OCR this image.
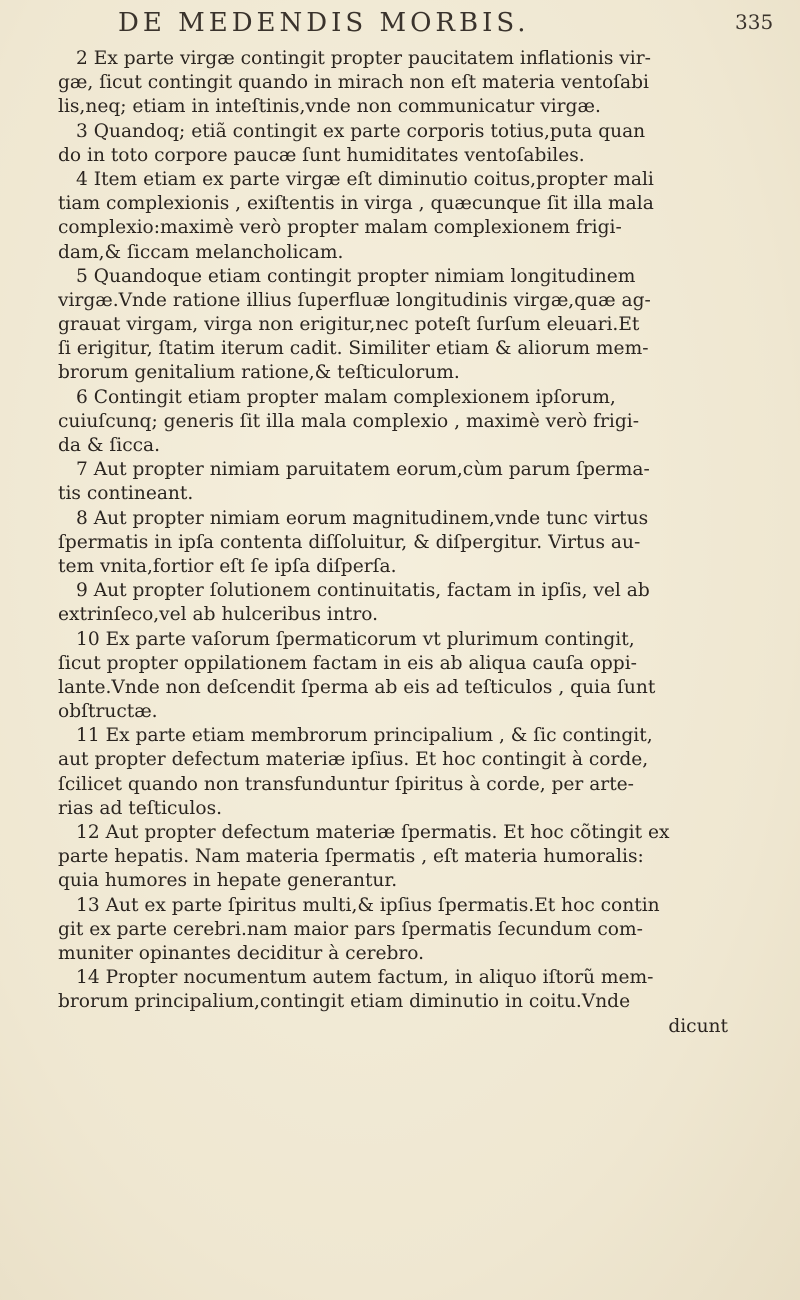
DE MEDENDIS MORBIS.	335
2 Ex parte virgæ contingit propter paucitatem inflationis vir-
gæ, ſicut contingit quando in mirach non eſt materia ventoſabi
lis,neq; etiam in inteſtinis,vnde non communicatur virgæ.
3 Quandoq; etiã contingit ex parte corporis totius,puta quan
do in toto corpore paucæ ſunt humiditates ventoſabiles.
4 Item etiam ex parte virgæ eſt diminutio coitus,propter mali
tiam complexionis , exiſtentis in virga , quæcunque ſit illa mala
complexio:maximè verò propter malam complexionem frigi-
dam,& ſiccam melancholicam.
5 Quandoque etiam contingit propter nimiam longitudinem
virgæ.Vnde ratione illius ſuperfluæ longitudinis virgæ,quæ ag-
grauat virgam, virga non erigitur,nec poteſt ſurſum eleuari.Et
ſi erigitur, ſtatim iterum cadit. Similiter etiam & aliorum mem-
brorum genitalium ratione,& teſticulorum.
6 Contingit etiam propter malam complexionem ipſorum,
cuiuſcunq; generis ſit illa mala complexio , maximè verò frigi-
da & ſicca.
7 Aut propter nimiam paruitatem eorum,cùm parum ſperma-
tis contineant.
8 Aut propter nimiam eorum magnitudinem,vnde tunc virtus
ſpermatis in ipſa contenta diſſoluitur, & diſpergitur. Virtus au-
tem vnita,fortior eſt ſe ipſa diſperſa.
9 Aut propter ſolutionem continuitatis, factam in ipſis, vel ab
extrinſeco,vel ab hulceribus intro.
10 Ex parte vaſorum ſpermaticorum vt plurimum contingit,
ſicut propter oppilationem factam in eis ab aliqua cauſa oppi-
lante.Vnde non deſcendit ſperma ab eis ad teſticulos , quia ſunt
obſtructæ.
11 Ex parte etiam membrorum principalium , & ſic contingit,
aut propter defectum materiæ ipſius. Et hoc contingit à corde,
ſcilicet quando non transfunduntur ſpiritus à corde, per arte-
rias ad teſticulos.
12 Aut propter defectum materiæ ſpermatis. Et hoc cõtingit ex
parte hepatis. Nam materia ſpermatis , eſt materia humoralis:
quia humores in hepate generantur.
13 Aut ex parte ſpiritus multi,& ipſius ſpermatis.Et hoc contin
git ex parte cerebri.nam maior pars ſpermatis ſecundum com-
muniter opinantes deciditur à cerebro.
14 Propter nocumentum autem factum, in aliquo iſtorũ mem-
brorum principalium,contingit etiam diminutio in coitu.Vnde
dicunt
